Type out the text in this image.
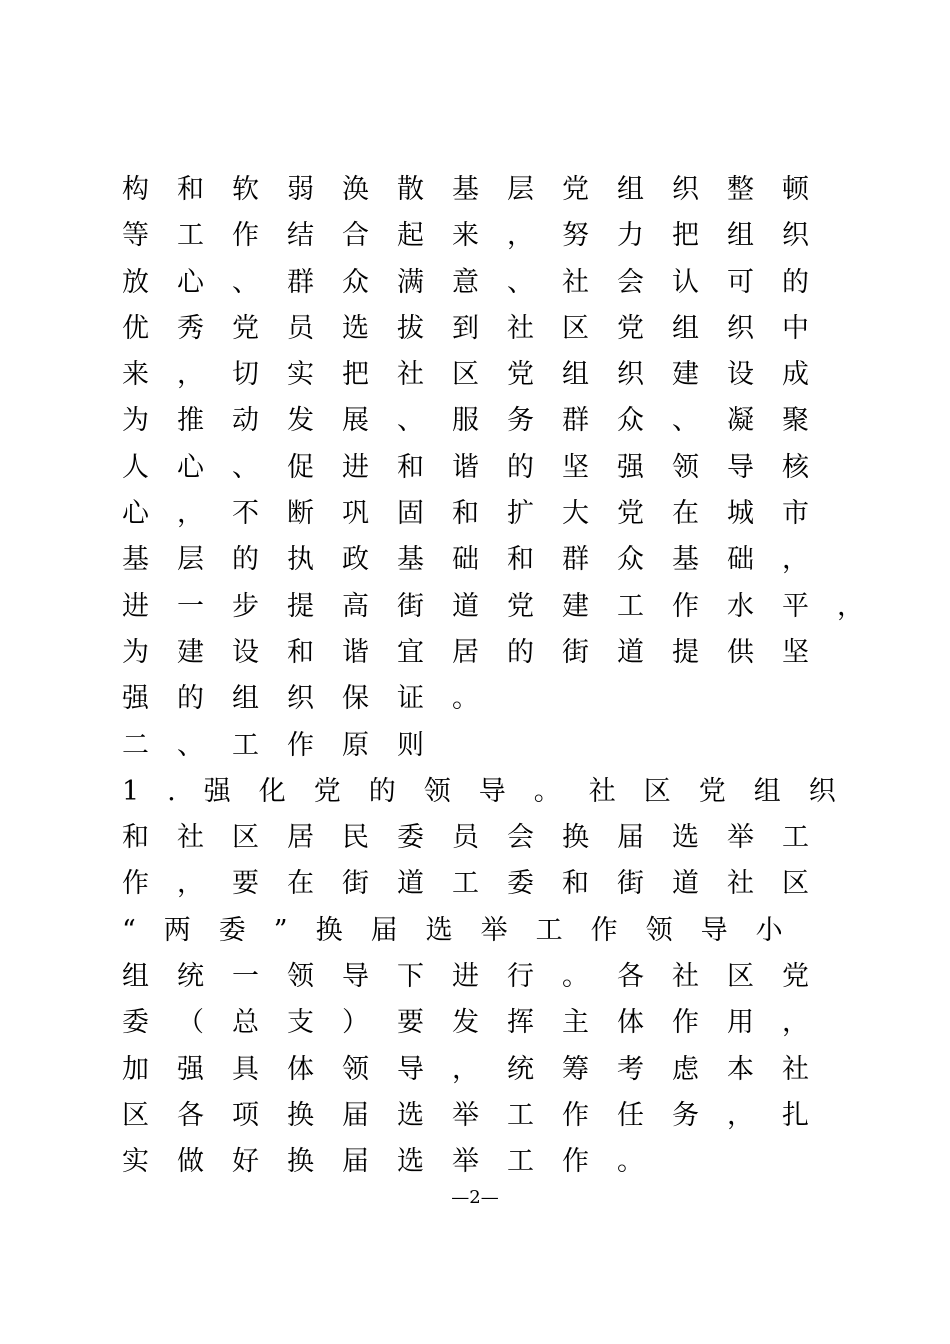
构和软弱涣散基层党组织整顿
等工作结合起来，努力把组织
放心、群众满意、社会认可的
优秀党员选拔到社区党组织中
来，切实把社区党组织建设成
为推动发展、服务群众、凝聚
人心、促进和谐的坚强领导核
心，不断巩固和扩大党在城市
基层的执政基础和群众基础，
进一步提高街道党建工作水平，
为建设和谐宜居的街道提供坚
强的组织保证。
二、工作原则
1.强化党的领导。社区党组织
和社区居民委员会换届选举工
作，要在街道工委和街道社区
“两委”换届选举工作领导小
组统一领导下进行。各社区党
委（总支）要发挥主体作用，
加强具体领导，统筹考虑本社
区各项换届选举工作任务，扎
实做好换届选举工作。
—2—
